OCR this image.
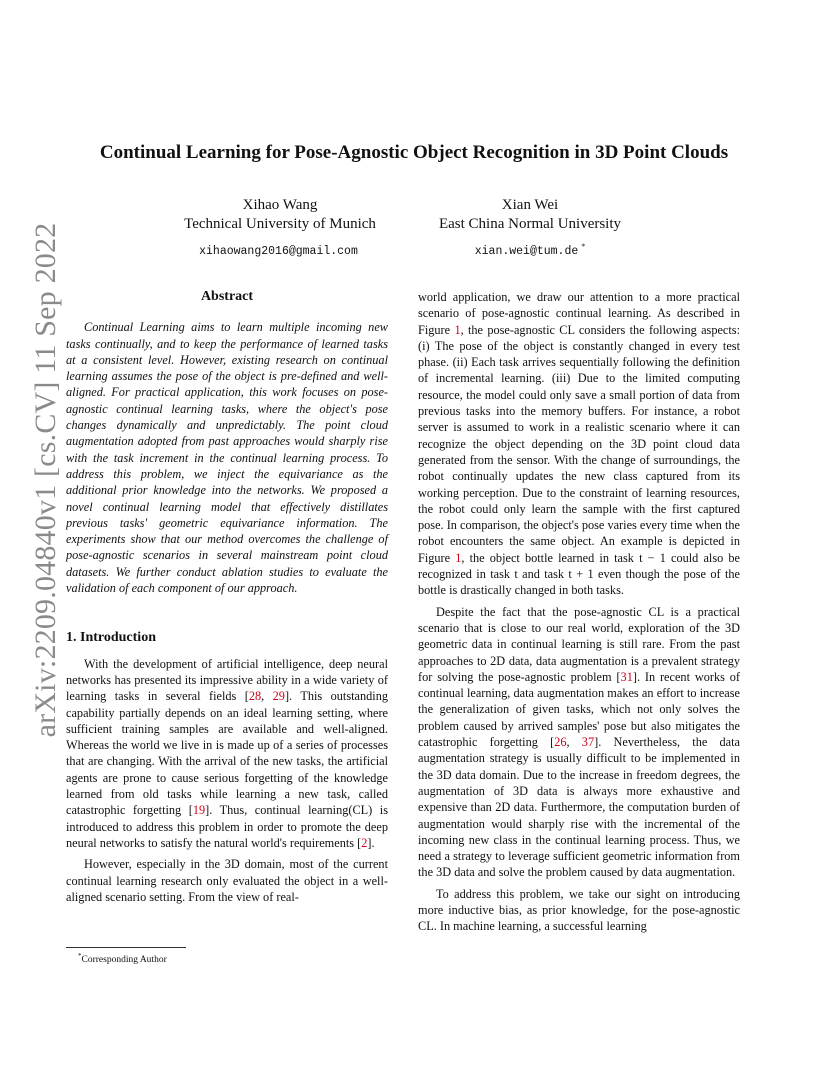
arXiv:2209.04840v1 [cs.CV] 11 Sep 2022
Continual Learning for Pose-Agnostic Object Recognition in 3D Point Clouds
Xihao Wang
Technical University of Munich
xihaowang2016@gmail.com
Xian Wei
East China Normal University
xian.wei@tum.de *
Abstract

Continual Learning aims to learn multiple incoming new tasks continually, and to keep the performance of learned tasks at a consistent level. However, existing research on continual learning assumes the pose of the object is pre-defined and well-aligned. For practical application, this work focuses on pose-agnostic continual learning tasks, where the object's pose changes dynamically and unpredictably. The point cloud augmentation adopted from past approaches would sharply rise with the task increment in the continual learning process. To address this problem, we inject the equivariance as the additional prior knowledge into the networks. We proposed a novel continual learning model that effectively distillates previous tasks' geometric equivariance information. The experiments show that our method overcomes the challenge of pose-agnostic scenarios in several mainstream point cloud datasets. We further conduct ablation studies to evaluate the validation of each component of our approach.

1. Introduction

With the development of artificial intelligence, deep neural networks has presented its impressive ability in a wide variety of learning tasks in several fields [28, 29]. This outstanding capability partially depends on an ideal learning setting, where sufficient training samples are available and well-aligned. Whereas the world we live in is made up of a series of processes that are changing. With the arrival of the new tasks, the artificial agents are prone to cause serious forgetting of the knowledge learned from old tasks while learning a new task, called catastrophic forgetting [19]. Thus, continual learning(CL) is introduced to address this problem in order to promote the deep neural networks to satisfy the natural world's requirements [2].

However, especially in the 3D domain, most of the current continual learning research only evaluated the object in a well-aligned scenario setting. From the view of real-

world application, we draw our attention to a more practical scenario of pose-agnostic continual learning. As described in Figure 1, the pose-agnostic CL considers the following aspects: (i) The pose of the object is constantly changed in every test phase. (ii) Each task arrives sequentially following the definition of incremental learning. (iii) Due to the limited computing resource, the model could only save a small portion of data from previous tasks into the memory buffers. For instance, a robot server is assumed to work in a realistic scenario where it can recognize the object depending on the 3D point cloud data generated from the sensor. With the change of surroundings, the robot continually updates the new class captured from its working perception. Due to the constraint of learning resources, the robot could only learn the sample with the first captured pose. In comparison, the object's pose varies every time when the robot encounters the same object. An example is depicted in Figure 1, the object bottle learned in task t − 1 could also be recognized in task t and task t + 1 even though the pose of the bottle is drastically changed in both tasks.

Despite the fact that the pose-agnostic CL is a practical scenario that is close to our real world, exploration of the 3D geometric data in continual learning is still rare. From the past approaches to 2D data, data augmentation is a prevalent strategy for solving the pose-agnostic problem [31]. In recent works of continual learning, data augmentation makes an effort to increase the generalization of given tasks, which not only solves the problem caused by arrived samples' pose but also mitigates the catastrophic forgetting [26, 37]. Nevertheless, the data augmentation strategy is usually difficult to be implemented in the 3D data domain. Due to the increase in freedom degrees, the augmentation of 3D data is always more exhaustive and expensive than 2D data. Furthermore, the computation burden of augmentation would sharply rise with the incremental of the incoming new class in the continual learning process. Thus, we need a strategy to leverage sufficient geometric information from the 3D data and solve the problem caused by data augmentation.

To address this problem, we take our sight on introducing more inductive bias, as prior knowledge, for the pose-agnostic CL. In machine learning, a successful learning

*Corresponding Author
